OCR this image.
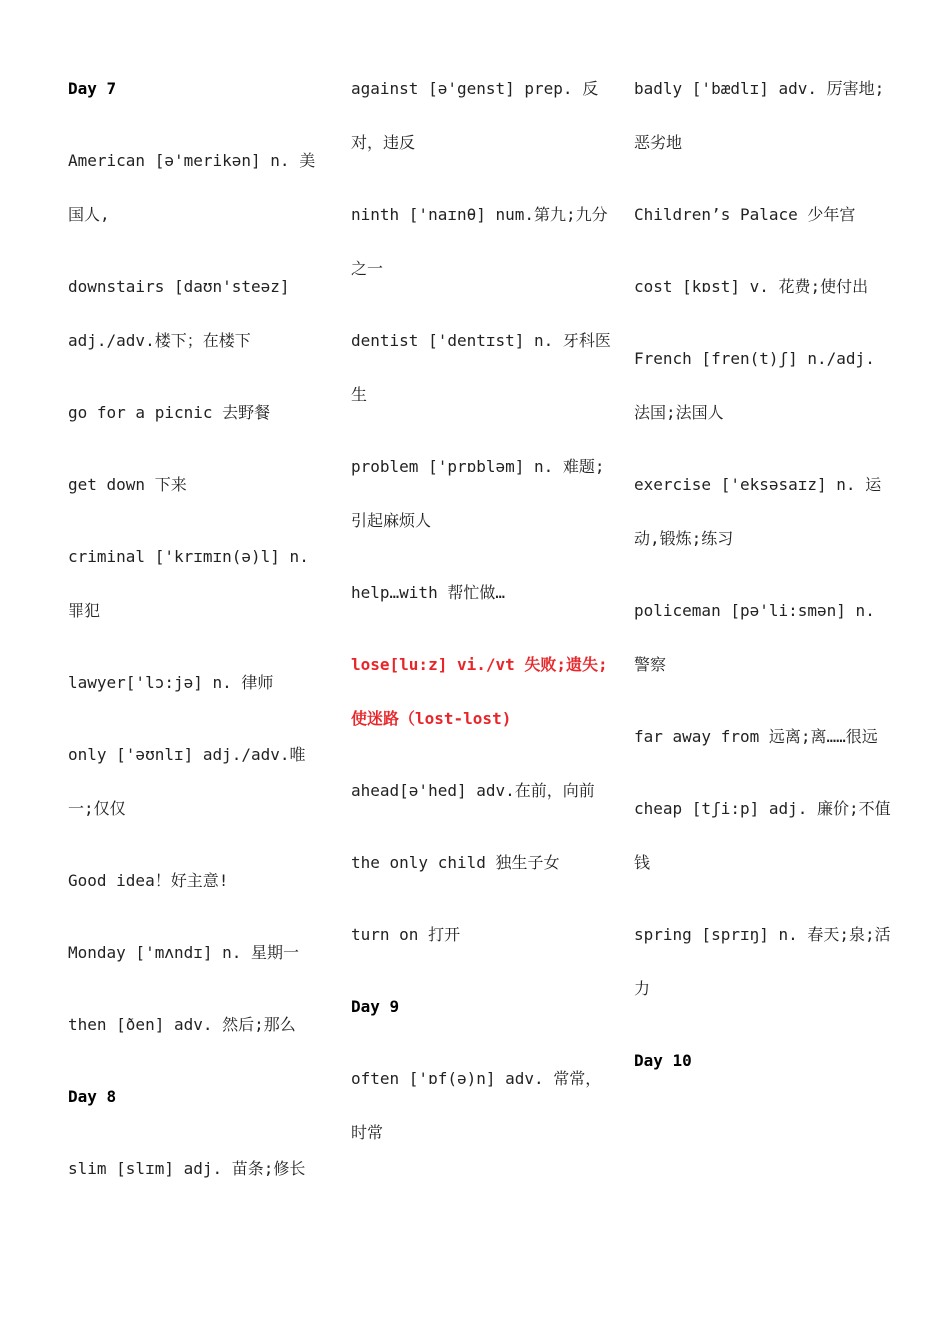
Day 7
American [ə'merikən] n. 美国人,
downstairs [daʊn'steəz] adj./adv.楼下；在楼下
go for a picnic 去野餐
get down 下来
criminal ['krɪmɪn(ə)l] n. 罪犯
lawyer['lɔ:jə] n. 律师
only ['əʊnlɪ] adj./adv.唯一;仅仅
Good idea！好主意!
Monday ['mʌndɪ] n. 星期一
then [ðen] adv. 然后;那么
Day 8
slim [slɪm] adj. 苗条;修长
against [ə'genst] prep. 反对，违反
ninth ['naɪnθ] num.第九;九分之一
dentist ['dentɪst] n. 牙科医生
problem ['prɒbləm] n. 难题;引起麻烦人
help…with 帮忙做…
lose[lu:z] vi./vt 失败;遗失;使迷路（lost-lost)
ahead[ə'hed] adv.在前，向前
the only child 独生子女
turn on 打开
Day 9
often ['ɒf(ə)n] adv. 常常，时常
badly ['bædlɪ] adv. 厉害地;恶劣地
Children’s Palace 少年宫
cost [kɒst] v. 花费;使付出
French [fren(t)ʃ] n./adj. 法国;法国人
exercise ['eksəsaɪz] n. 运动,锻炼;练习
policeman [pə'li:smən] n. 警察
far away from 远离;离……很远
cheap [tʃi:p] adj. 廉价;不值钱
spring [sprɪŋ] n. 春天;泉;活力
Day 10
